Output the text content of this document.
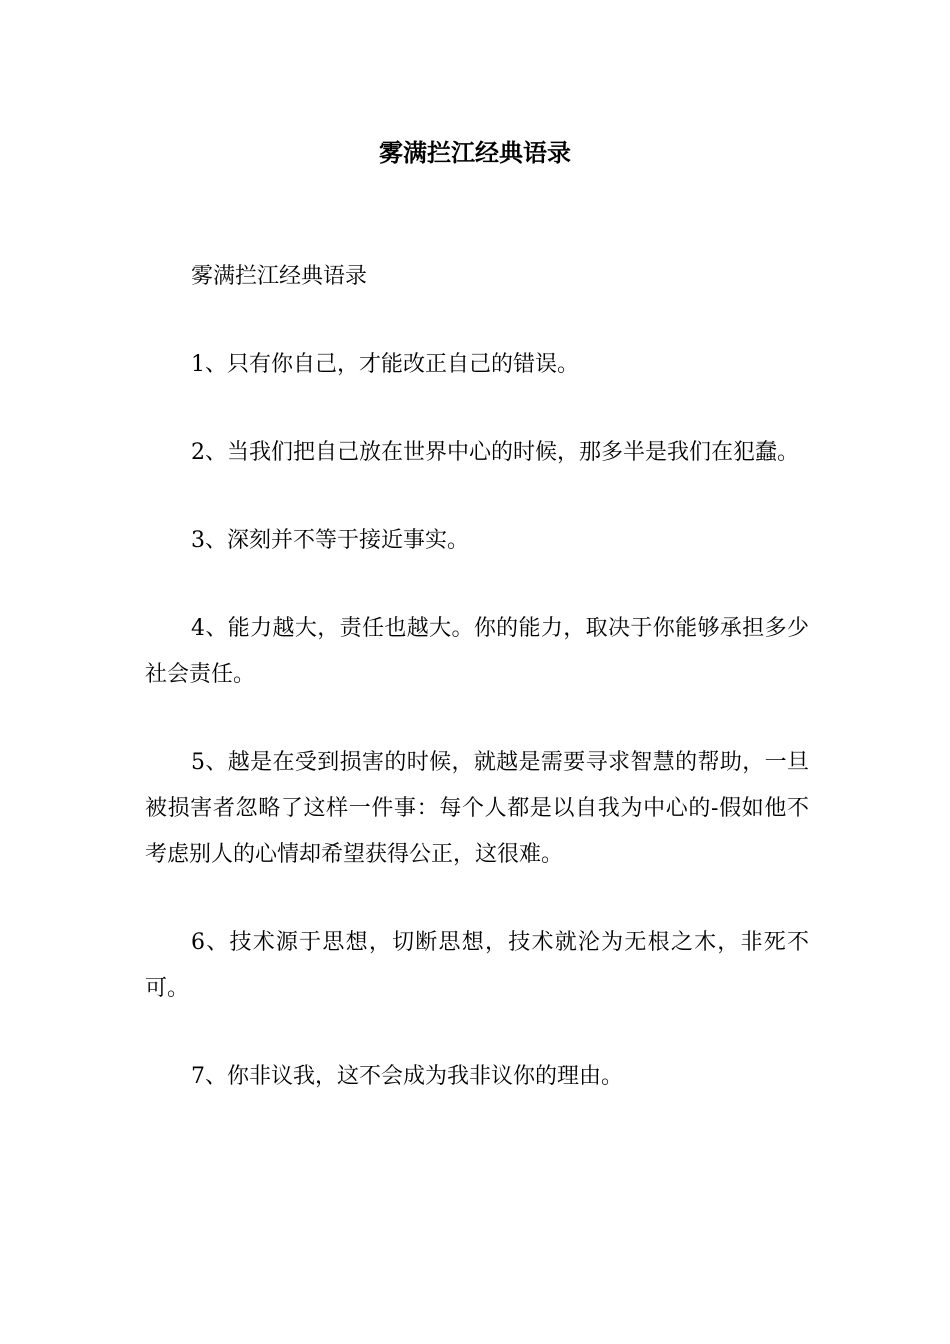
雾满拦江经典语录

雾满拦江经典语录

1、只有你自己，才能改正自己的错误。

2、当我们把自己放在世界中心的时候，那多半是我们在犯蠢。

3、深刻并不等于接近事实。

4、能力越大，责任也越大。你的能力，取决于你能够承担多少社会责任。

5、越是在受到损害的时候，就越是需要寻求智慧的帮助，一旦被损害者忽略了这样一件事：每个人都是以自我为中心的-假如他不考虑别人的心情却希望获得公正，这很难。

6、技术源于思想，切断思想，技术就沦为无根之木，非死不可。

7、你非议我，这不会成为我非议你的理由。
